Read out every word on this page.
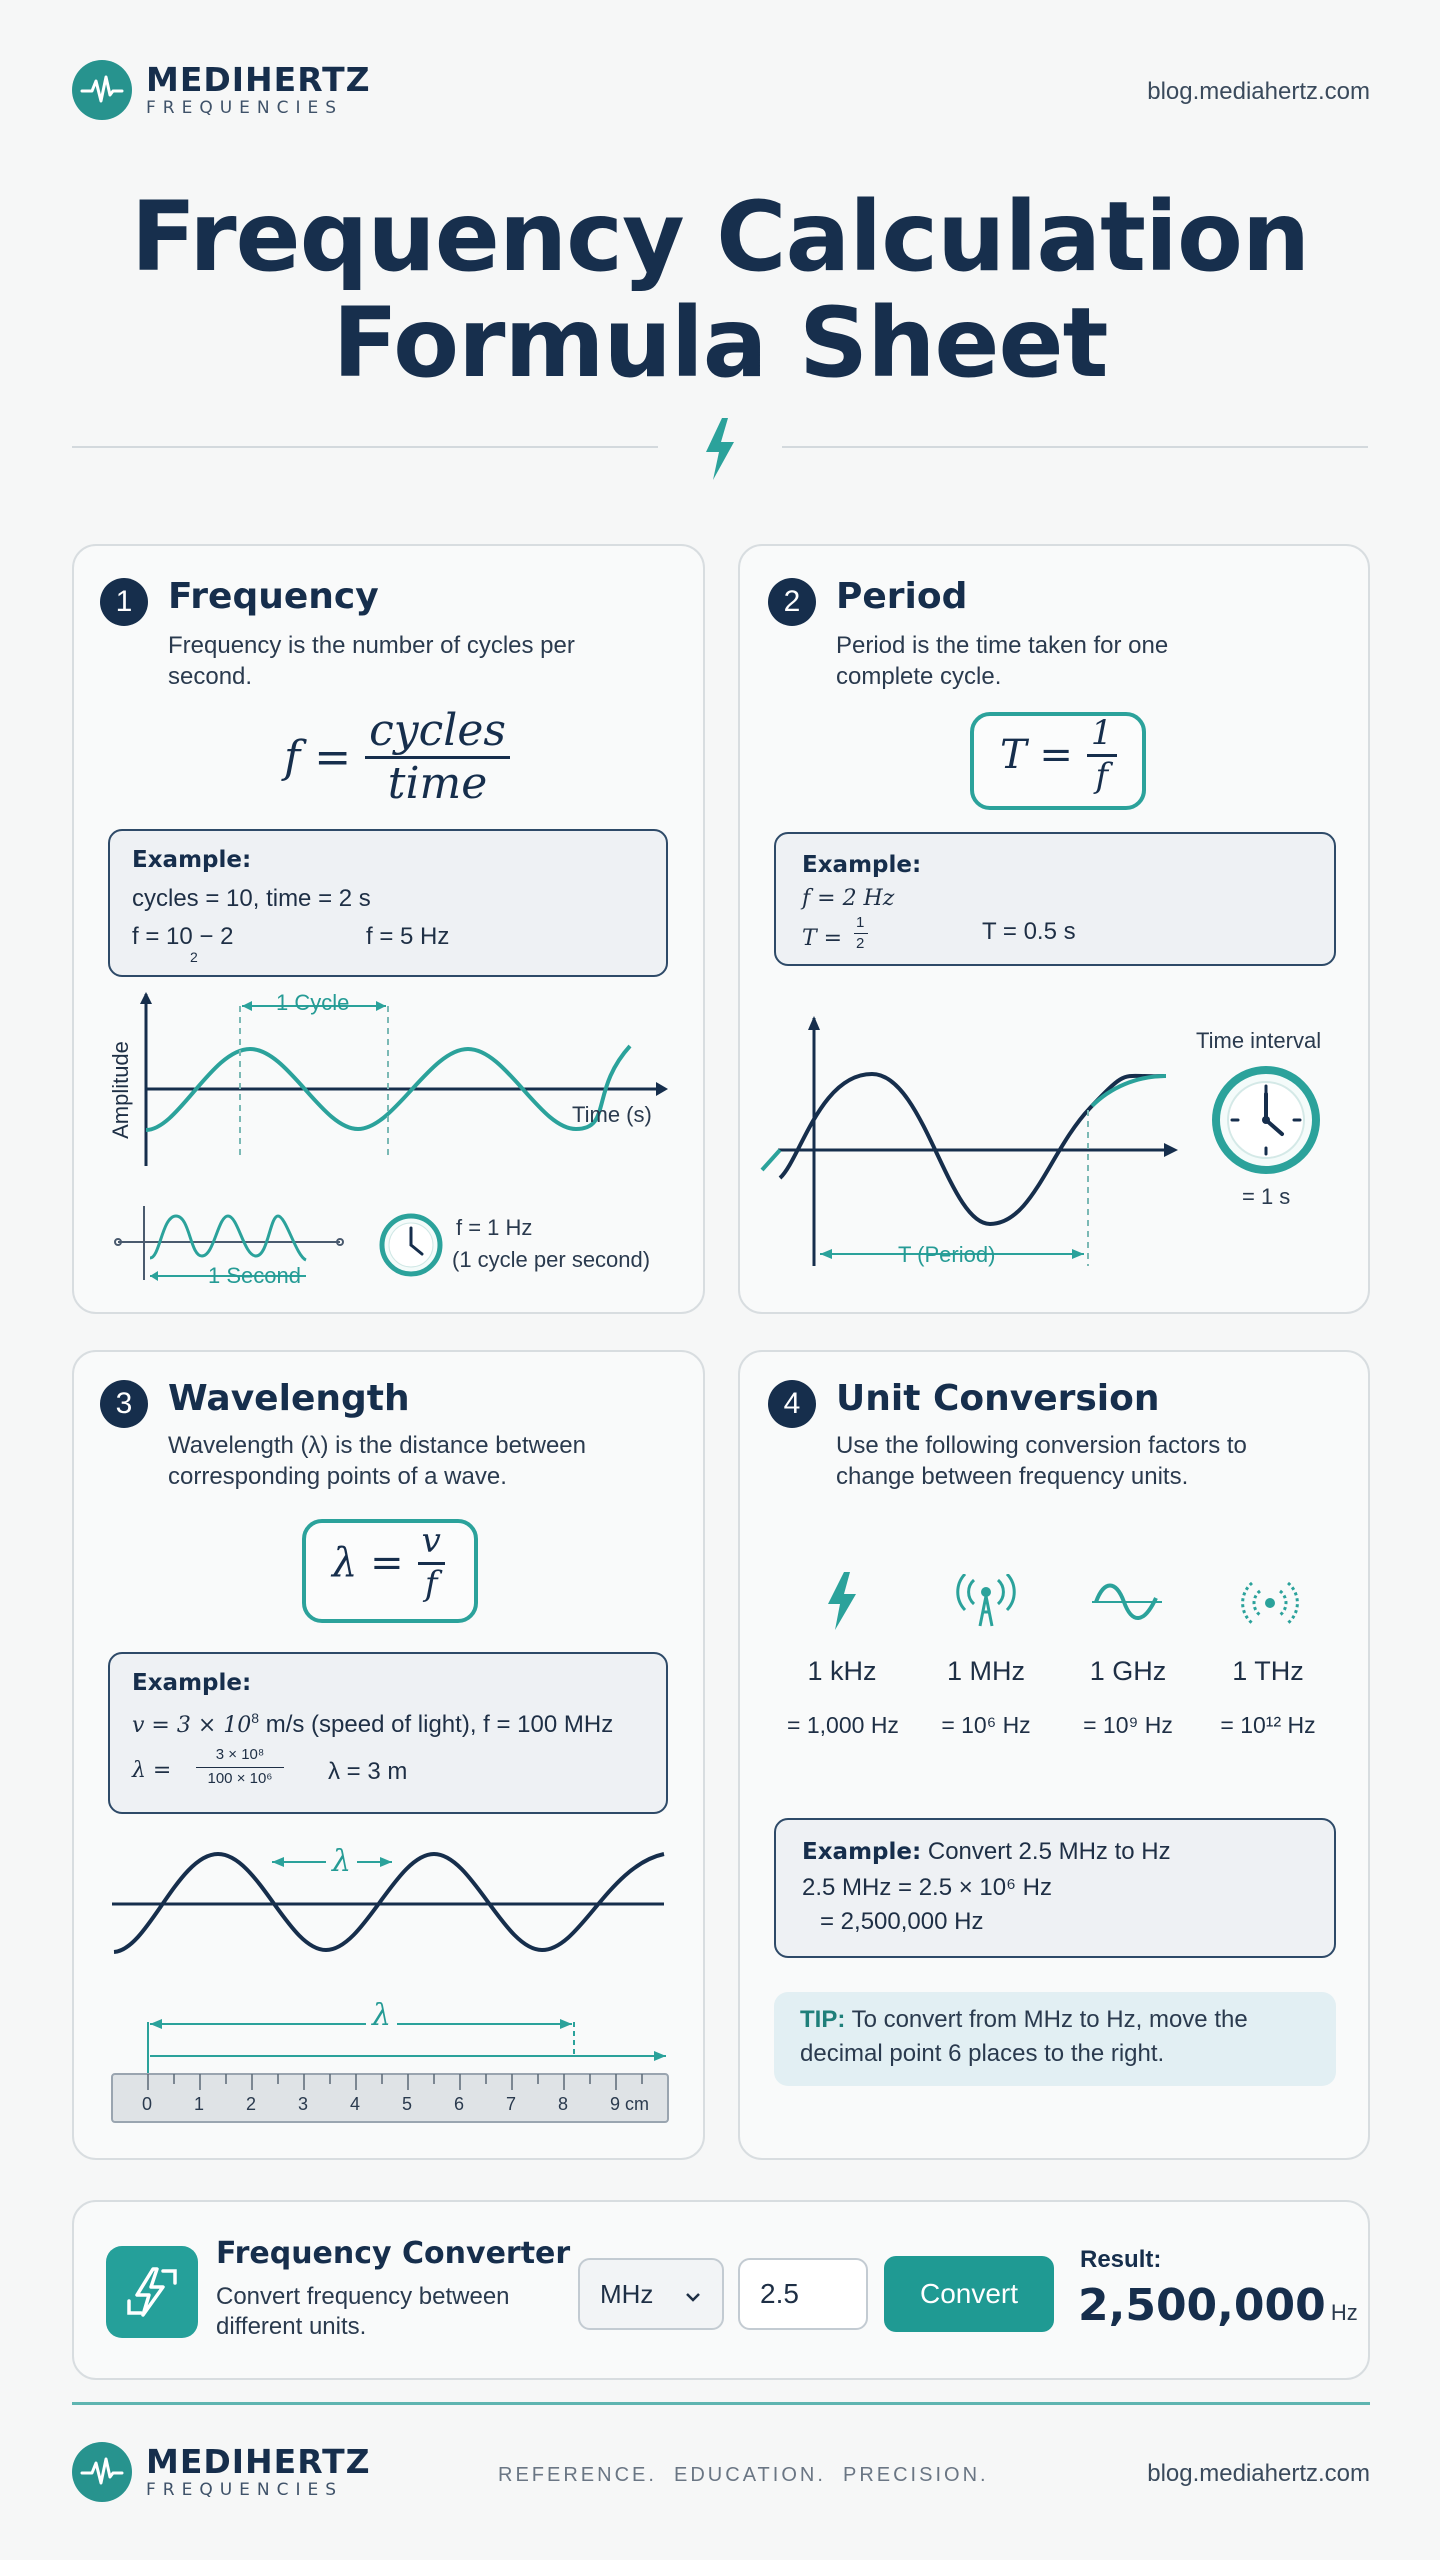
MEDIHERTZ
FREQUENCIES
blog.mediahertz.com
Frequency Calculation
Formula Sheet
1 Frequency
Frequency is the number of cycles per
second.
$f = \frac{\text{cycles}}{\text{time}}$
Example:
cycles = 10, time = 2 s
f = 10 − 2
2
f = 5 Hz
Amplitude
1 Cycle
Time (s)
1 Second
f = 1 Hz
(1 cycle per second)
2 Period
Period is the time taken for one
complete cycle.
$T = \frac{1}{f}$
Example:
f = 2 Hz
T =
1
2	T = 0.5 s
T (Period)
Time interval
= 1 s
3 Wavelength
Wavelength (λ) is the distance between
corresponding points of a wave.
$\lambda = \frac{v}{f}$
Example:
$v = 3 \times 10^8$ m/s (speed of light), f = 100 MHz
λ =
3 × 10⁸
100 × 10⁶	λ = 3 m
λ
λ
0 1 2 3 4 5 6 7 8 9 cm
4 Unit Conversion
Use the following conversion factors to
change between frequency units.
1 kHz	1 MHz	1 GHz	1 THz
= 1,000 Hz	= 10⁶ Hz	= 10⁹ Hz	= 10¹² Hz
Example: Convert 2.5 MHz to Hz
2.5 MHz = 2.5 × 10⁶ Hz
= 2,500,000 Hz
TIP: To convert from MHz to Hz, move the
decimal point 6 places to the right.
Frequency Converter
Convert frequency between
different units.
MHz	2.5	Convert
Result:
2,500,000 Hz
MEDIHERTZ
FREQUENCIES
REFERENCE.  EDUCATION.  PRECISION.	blog.mediahertz.com
